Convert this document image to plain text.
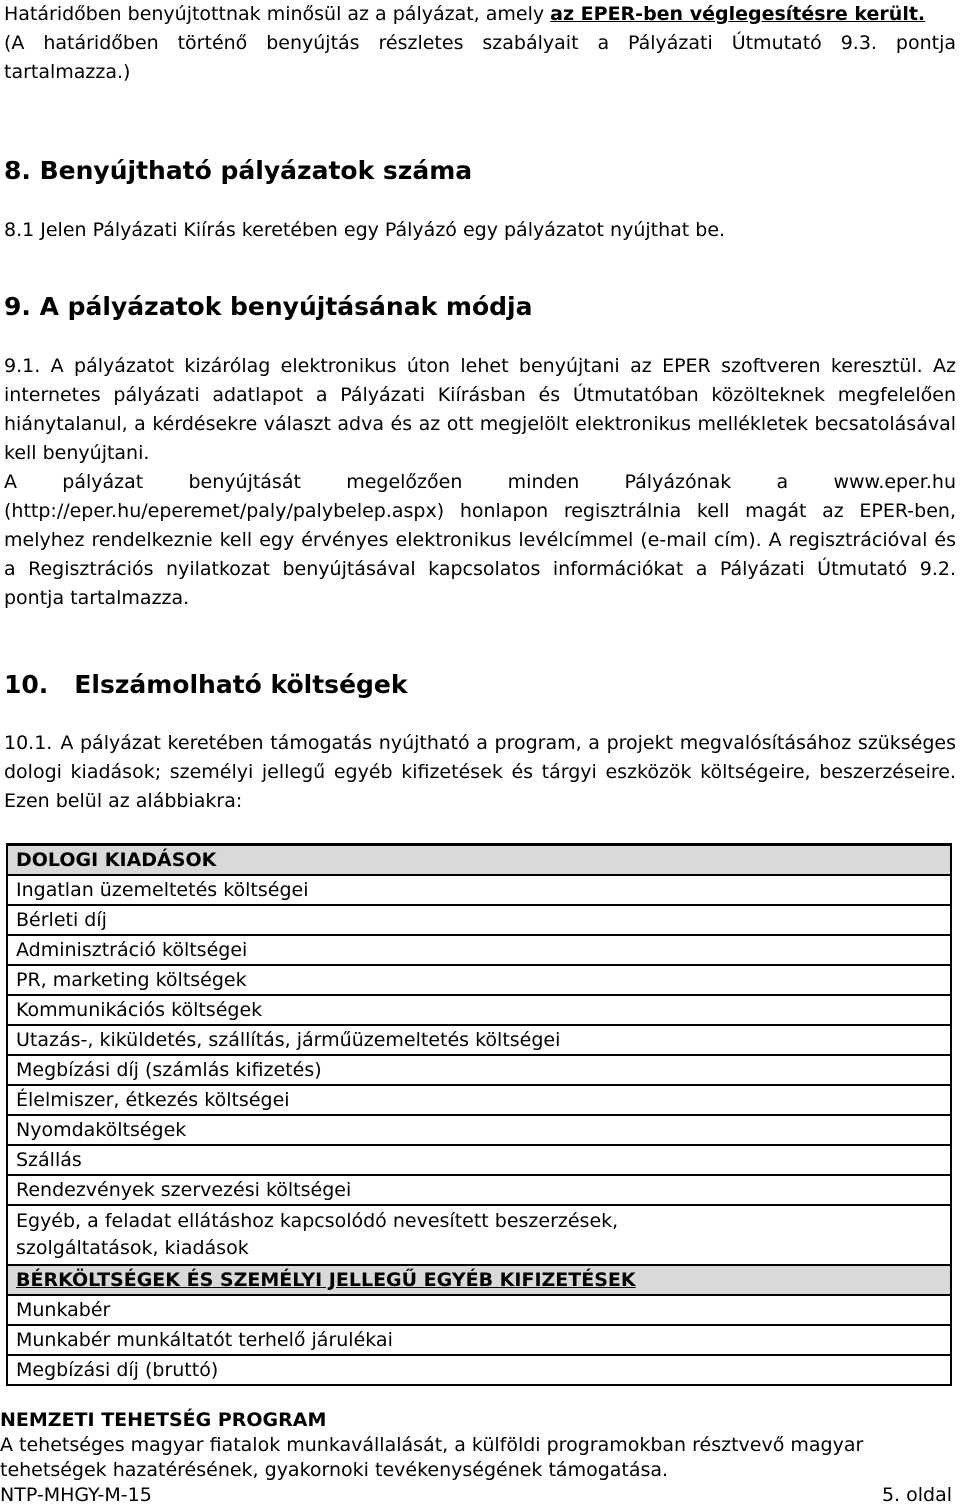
Határidőben benyújtottnak minősül az a pályázat, amely az EPER-ben véglegesítésre került.
(A határidőben történő benyújtás részletes szabályait a Pályázati Útmutató 9.3. pontja tartalmazza.)

8. Benyújtható pályázatok száma

8.1 Jelen Pályázati Kiírás keretében egy Pályázó egy pályázatot nyújthat be.

9. A pályázatok benyújtásának módja

9.1. A pályázatot kizárólag elektronikus úton lehet benyújtani az EPER szoftveren keresztül. Az internetes pályázati adatlapot a Pályázati Kiírásban és Útmutatóban közölteknek megfelelően hiánytalanul, a kérdésekre választ adva és az ott megjelölt elektronikus mellékletek becsatolásával kell benyújtani.

A pályázat benyújtását megelőzően minden Pályázónak a www.eper.hu

(http://eper.hu/eperemet/paly/palybelep.aspx) honlapon regisztrálnia kell magát az EPER-ben, melyhez rendelkeznie kell egy érvényes elektronikus levélcímmel (e-mail cím). A regisztrációval és a Regisztrációs nyilatkozat benyújtásával kapcsolatos információkat a Pályázati Útmutató 9.2. pontja tartalmazza.

10. Elszámolható költségek

10.1. A pályázat keretében támogatás nyújtható a program, a projekt megvalósításához szükséges dologi kiadások; személyi jellegű egyéb kifizetések és tárgyi eszközök költségeire, beszerzéseire. Ezen belül az alábbiakra:

DOLOGI KIADÁSOK
Ingatlan üzemeltetés költségei
Bérleti díj
Adminisztráció költségei
PR, marketing költségek
Kommunikációs költségek
Utazás-, kiküldetés, szállítás, járműüzemeltetés költségei
Megbízási díj (számlás kifizetés)
Élelmiszer, étkezés költségei
Nyomdaköltségek
Szállás
Rendezvények szervezési költségei

Egyéb, a feladat ellátáshoz kapcsolódó nevesített beszerzések,
szolgáltatások, kiadások

BÉRKÖLTSÉGEK ÉS SZEMÉLYI JELLEGŰ EGYÉB KIFIZETÉSEK
Munkabér
Munkabér munkáltatót terhelő járulékai
Megbízási díj (bruttó)
NEMZETI TEHETSÉG PROGRAM
A tehetséges magyar fiatalok munkavállalását, a külföldi programokban résztvevő magyar tehetségek hazatérésének, gyakornoki tevékenységének támogatása.
NTP-MHGY-M-15	5. oldal
